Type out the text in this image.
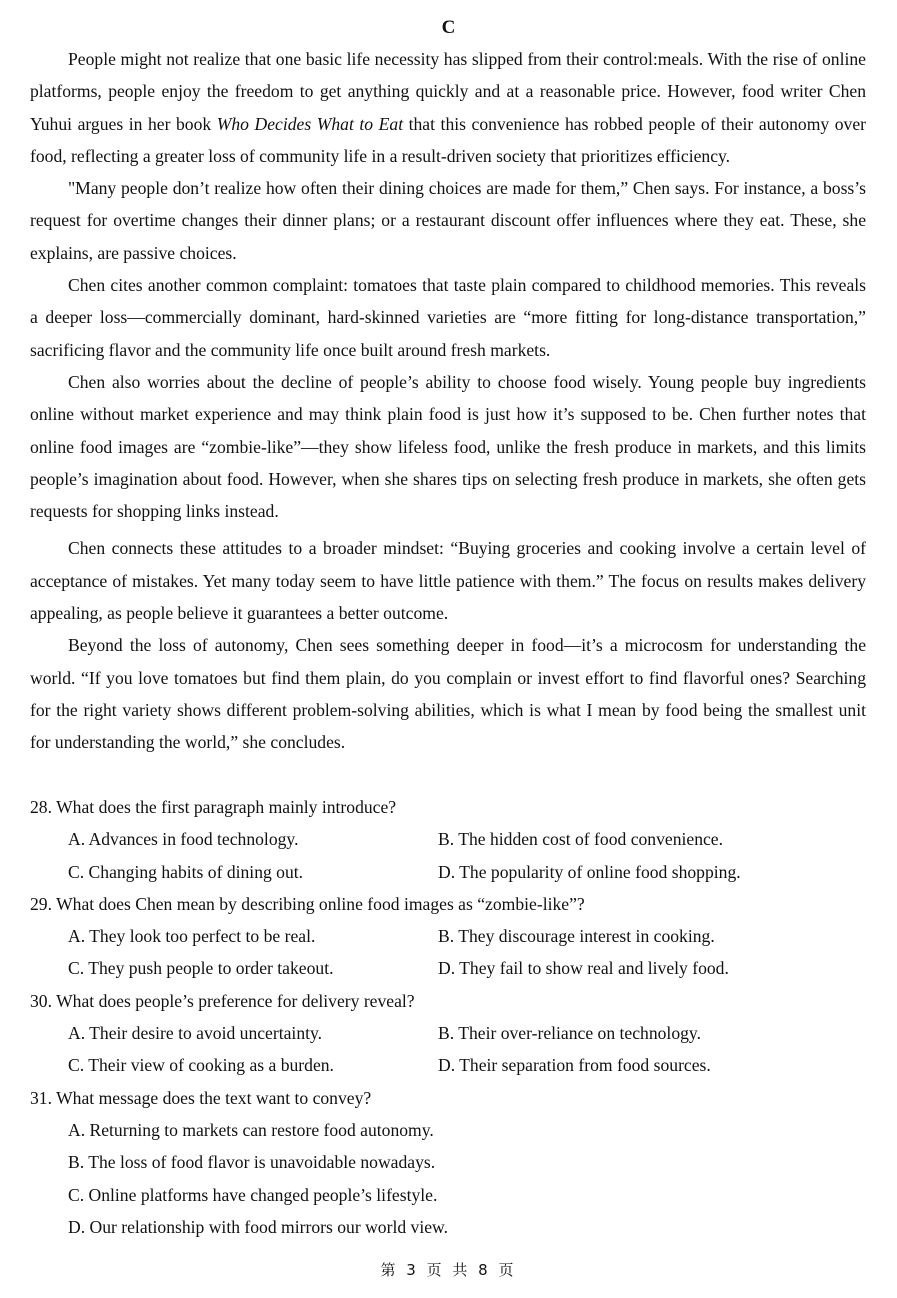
C

People might not realize that one basic life necessity has slipped from their control:meals. With the rise of online platforms, people enjoy the freedom to get anything quickly and at a reasonable price. However, food writer Chen Yuhui argues in her book Who Decides What to Eat that this convenience has robbed people of their autonomy over food, reflecting a greater loss of community life in a result-driven society that prioritizes efficiency.

"Many people don’t realize how often their dining choices are made for them,” Chen says. For instance, a boss’s request for overtime changes their dinner plans; or a restaurant discount offer influences where they eat. These, she explains, are passive choices.

Chen cites another common complaint: tomatoes that taste plain compared to childhood memories. This reveals a deeper loss—commercially dominant, hard-skinned varieties are “more fitting for long-distance transportation,” sacrificing flavor and the community life once built around fresh markets.

Chen also worries about the decline of people’s ability to choose food wisely. Young people buy ingredients online without market experience and may think plain food is just how it’s supposed to be. Chen further notes that online food images are “zombie-like”—they show lifeless food, unlike the fresh produce in markets, and this limits people’s imagination about food. However, when she shares tips on selecting fresh produce in markets, she often gets requests for shopping links instead.

Chen connects these attitudes to a broader mindset: “Buying groceries and cooking involve a certain level of acceptance of mistakes. Yet many today seem to have little patience with them.” The focus on results makes delivery appealing, as people believe it guarantees a better outcome.

Beyond the loss of autonomy, Chen sees something deeper in food—it’s a microcosm for understanding the world. “If you love tomatoes but find them plain, do you complain or invest effort to find flavorful ones? Searching for the right variety shows different problem-solving abilities, which is what I mean by food being the smallest unit for understanding the world,” she concludes.

28. What does the first paragraph mainly introduce?
A. Advances in food technology.	B. The hidden cost of food convenience.
C. Changing habits of dining out.	D. The popularity of online food shopping.
29. What does Chen mean by describing online food images as “zombie-like”?
A. They look too perfect to be real.	B. They discourage interest in cooking.
C. They push people to order takeout.	D. They fail to show real and lively food.
30. What does people’s preference for delivery reveal?
A. Their desire to avoid uncertainty.	B. Their over-reliance on technology.
C. Their view of cooking as a burden.	D. Their separation from food sources.
31. What message does the text want to convey?
A. Returning to markets can restore food autonomy.
B. The loss of food flavor is unavoidable nowadays.
C. Online platforms have changed people’s lifestyle.
D. Our relationship with food mirrors our world view.
第 3 页 共 8 页
